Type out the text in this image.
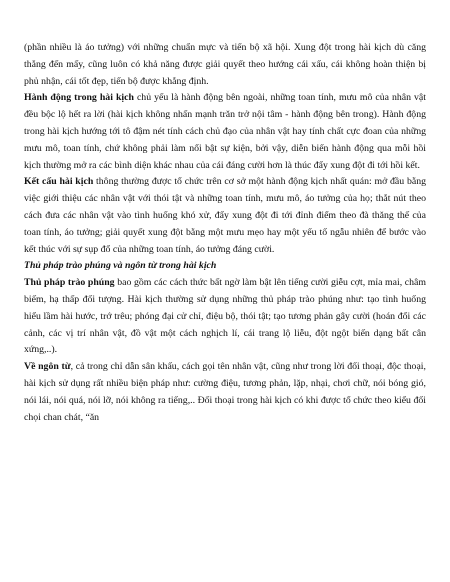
(phần nhiều là áo tưởng) với những chuẩn mực và tiến bộ xã hội. Xung đột trong hài kịch dù căng thẳng đến mấy, cũng luôn có khả năng được giải quyết theo hướng cái xấu, cái không hoàn thiện bị phủ nhận, cái tốt đẹp, tiến bộ được khẳng định.

Hành động trong hài kịch chủ yếu là hành động bên ngoài, những toan tính, mưu mô của nhân vật đều bộc lộ hết ra lời (hài kịch không nhấn mạnh trăn trở nội tâm - hành động bên trong). Hành động trong hài kịch hướng tới tô đậm nét tính cách chủ đạo của nhân vật hay tính chất cực đoan của những mưu mô, toan tính, chứ không phải làm nổi bật sự kiện, bởi vậy, diễn biến hành động qua mỗi hồi kịch thường mở ra các bình diện khác nhau của cái đáng cười hơn là thúc đẩy xung đột đi tới hồi kết.

Kết cấu hài kịch thông thường được tổ chức trên cơ sở một hành động kịch nhất quán: mở đầu bằng việc giới thiệu các nhân vật với thói tật và những toan tính, mưu mô, áo tưởng của họ; thắt nút theo cách đưa các nhân vật vào tình huống khó xử, đẩy xung đột đi tới đỉnh điểm theo đà thăng thế của toan tính, áo tưởng; giải quyết xung đột bằng một mưu mẹo hay một yếu tố ngẫu nhiên để bước vào kết thúc với sự sụp đổ của những toan tính, áo tưởng đáng cười.

Thủ pháp trào phúng và ngôn từ trong hài kịch

Thủ pháp trào phúng bao gồm các cách thức bất ngờ làm bật lên tiếng cười giễu cợt, mỉa mai, châm biếm, hạ thấp đối tượng. Hài kịch thường sử dụng những thủ pháp trào phúng như: tạo tình huống hiểu lầm hài hước, trớ trêu; phóng đại cử chỉ, điệu bộ, thói tật; tạo tương phản gây cười (hoán đổi các cảnh, các vị trí nhân vật, đồ vật một cách nghịch lí, cái trang lộ liễu, đột ngột biến dạng bất cân xứng,..).

Về ngôn từ, cả trong chỉ dẫn sân khấu, cách gọi tên nhân vật, cũng như trong lời đối thoại, độc thoại, hài kịch sử dụng rất nhiều biện pháp như: cường điệu, tương phản, lặp, nhại, chơi chữ, nói bóng gió, nói lái, nói quá, nói lỡ, nói không ra tiếng,.. Đối thoại trong hài kịch có khi được tổ chức theo kiểu đối chọi chan chát, “ăn
